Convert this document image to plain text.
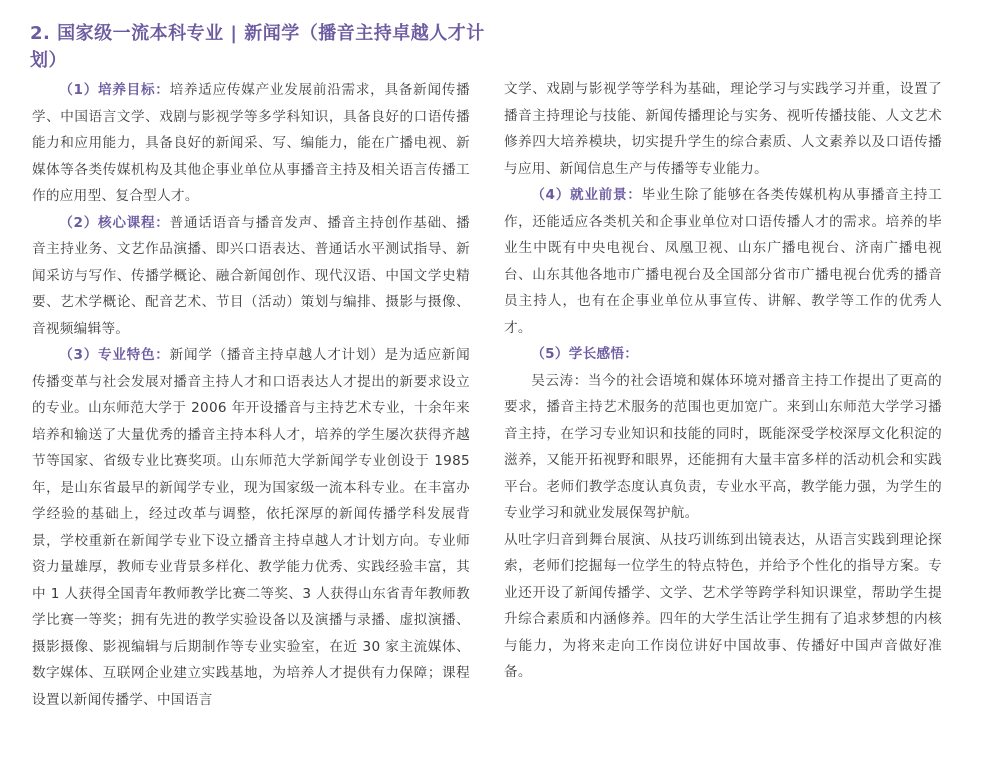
2. 国家级一流本科专业 | 新闻学（播音主持卓越人才计划）

（1）培养目标：培养适应传媒产业发展前沿需求，具备新闻传播学、中国语言文学、戏剧与影视学等多学科知识，具备良好的口语传播能力和应用能力，具备良好的新闻采、写、编能力，能在广播电视、新媒体等各类传媒机构及其他企事业单位从事播音主持及相关语言传播工作的应用型、复合型人才。

（2）核心课程：普通话语音与播音发声、播音主持创作基础、播音主持业务、文艺作品演播、即兴口语表达、普通话水平测试指导、新闻采访与写作、传播学概论、融合新闻创作、现代汉语、中国文学史精要、艺术学概论、配音艺术、节目（活动）策划与编排、摄影与摄像、音视频编辑等。

（3）专业特色：新闻学（播音主持卓越人才计划）是为适应新闻传播变革与社会发展对播音主持人才和口语表达人才提出的新要求设立的专业。山东师范大学于 2006 年开设播音与主持艺术专业，十余年来培养和输送了大量优秀的播音主持本科人才，培养的学生屡次获得齐越节等国家、省级专业比赛奖项。山东师范大学新闻学专业创设于 1985 年，是山东省最早的新闻学专业，现为国家级一流本科专业。在丰富办学经验的基础上，经过改革与调整，依托深厚的新闻传播学科发展背景，学校重新在新闻学专业下设立播音主持卓越人才计划方向。专业师资力量雄厚，教师专业背景多样化、教学能力优秀、实践经验丰富，其中 1 人获得全国青年教师教学比赛二等奖、3 人获得山东省青年教师教学比赛一等奖；拥有先进的教学实验设备以及演播与录播、虚拟演播、摄影摄像、影视编辑与后期制作等专业实验室，在近 30 家主流媒体、数字媒体、互联网企业建立实践基地，为培养人才提供有力保障；课程设置以新闻传播学、中国语言

文学、戏剧与影视学等学科为基础，理论学习与实践学习并重，设置了播音主持理论与技能、新闻传播理论与实务、视听传播技能、人文艺术修养四大培养模块，切实提升学生的综合素质、人文素养以及口语传播与应用、新闻信息生产与传播等专业能力。

（4）就业前景：毕业生除了能够在各类传媒机构从事播音主持工作，还能适应各类机关和企事业单位对口语传播人才的需求。培养的毕业生中既有中央电视台、凤凰卫视、山东广播电视台、济南广播电视台、山东其他各地市广播电视台及全国部分省市广播电视台优秀的播音员主持人，也有在企事业单位从事宣传、讲解、教学等工作的优秀人才。

（5）学长感悟：

吴云涛：当今的社会语境和媒体环境对播音主持工作提出了更高的要求，播音主持艺术服务的范围也更加宽广。来到山东师范大学学习播音主持，在学习专业知识和技能的同时，既能深受学校深厚文化积淀的滋养，又能开拓视野和眼界，还能拥有大量丰富多样的活动机会和实践平台。老师们教学态度认真负责，专业水平高，教学能力强，为学生的专业学习和就业发展保驾护航。

从吐字归音到舞台展演、从技巧训练到出镜表达，从语言实践到理论探索，老师们挖掘每一位学生的特点特色，并给予个性化的指导方案。专业还开设了新闻传播学、文学、艺术学等跨学科知识课堂，帮助学生提升综合素质和内涵修养。四年的大学生活让学生拥有了追求梦想的内核与能力，为将来走向工作岗位讲好中国故事、传播好中国声音做好准备。
